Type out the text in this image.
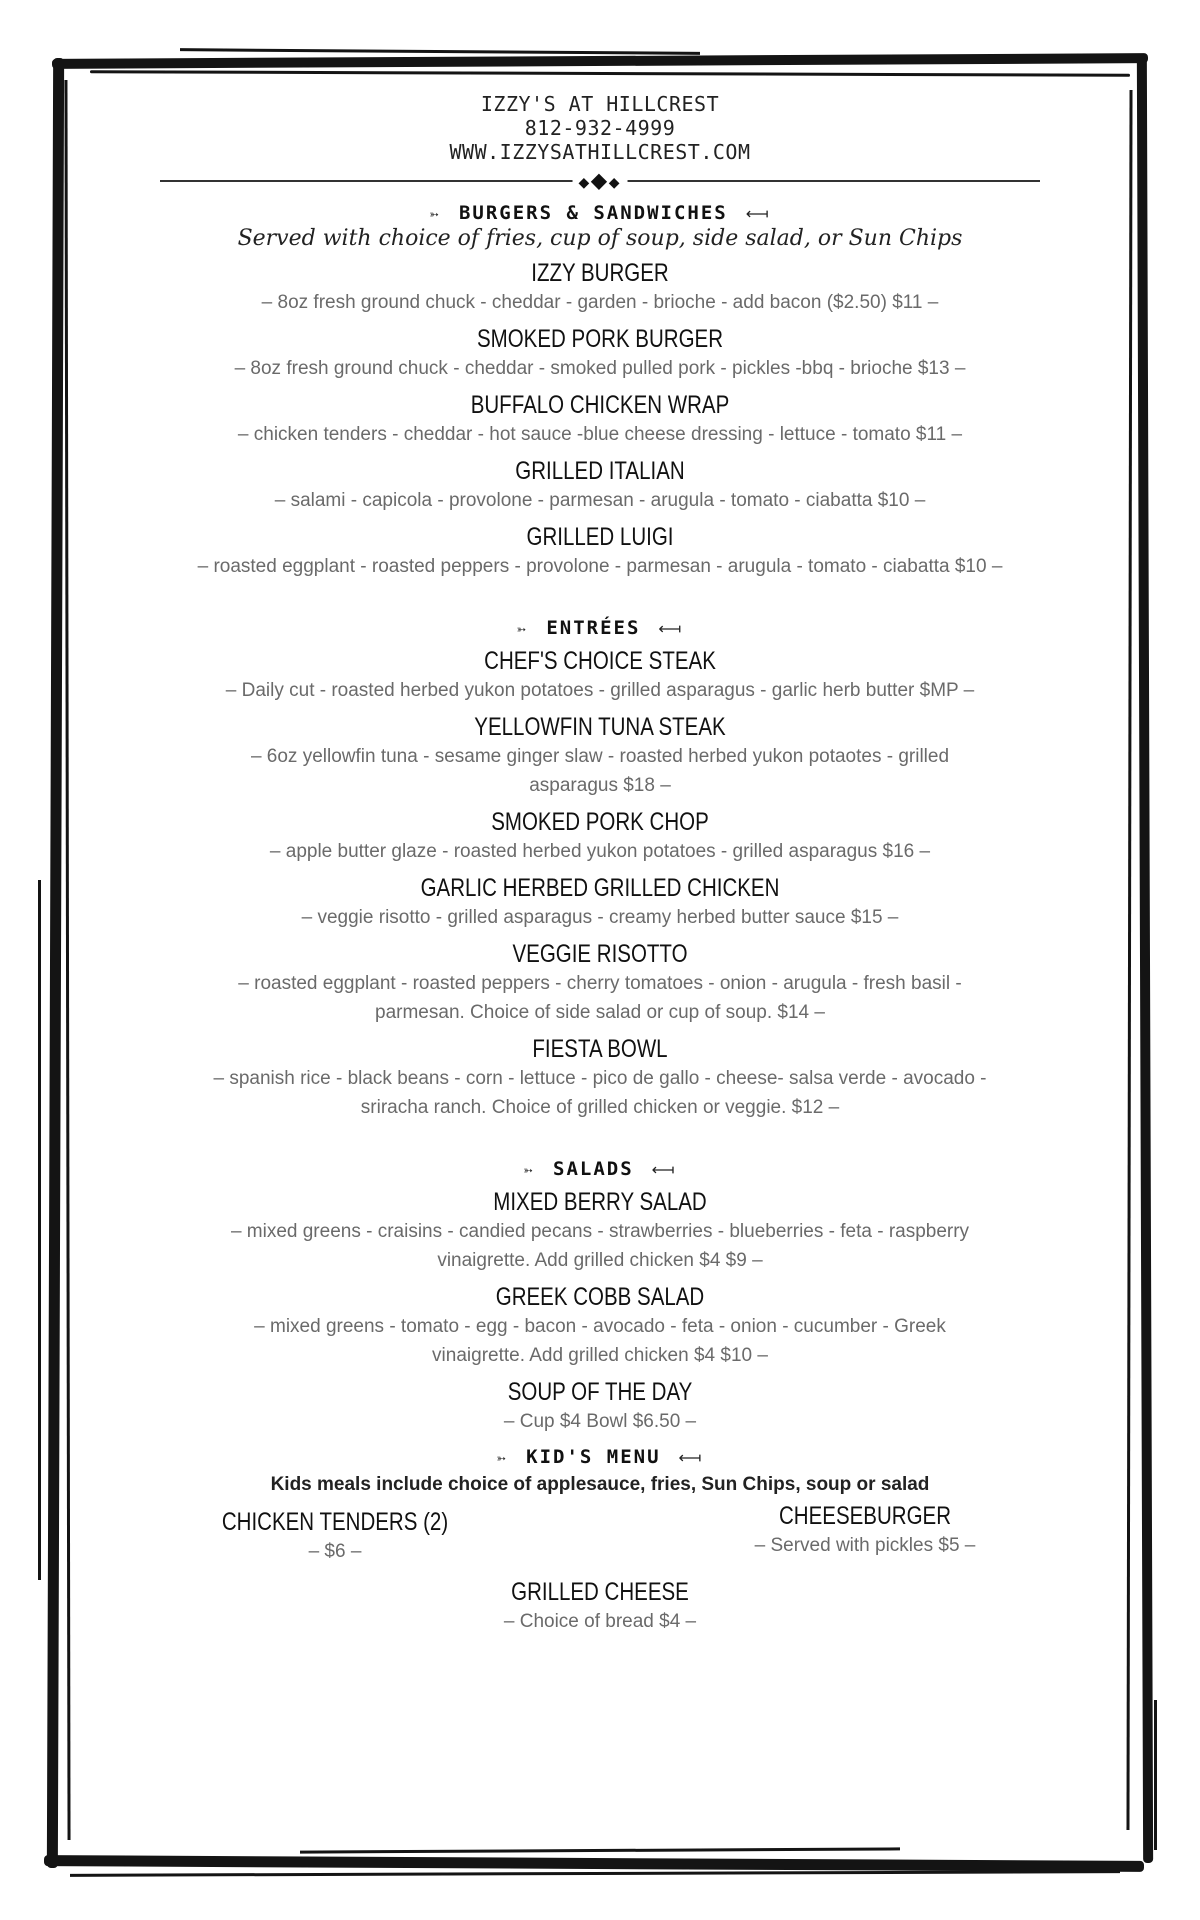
IZZY'S AT HILLCREST
812-932-4999
WWW.IZZYSATHILLCREST.COM
◆◆◆
➳ BURGERS & SANDWICHES ⟻
Served with choice of fries, cup of soup, side salad, or Sun Chips
IZZY BURGER
– 8oz fresh ground chuck - cheddar - garden - brioche - add bacon ($2.50) $11 –
SMOKED PORK BURGER
– 8oz fresh ground chuck - cheddar - smoked pulled pork - pickles -bbq - brioche $13 –
BUFFALO CHICKEN WRAP
– chicken tenders - cheddar - hot sauce -blue cheese dressing - lettuce - tomato $11 –
GRILLED ITALIAN
– salami - capicola - provolone - parmesan - arugula - tomato - ciabatta $10 –
GRILLED LUIGI
– roasted eggplant - roasted peppers - provolone - parmesan - arugula - tomato - ciabatta $10 –
➳ ENTRÉES ⟻
CHEF'S CHOICE STEAK
– Daily cut - roasted herbed yukon potatoes - grilled asparagus - garlic herb butter $MP –
YELLOWFIN TUNA STEAK
– 6oz yellowfin tuna - sesame ginger slaw - roasted herbed yukon potaotes - grilled asparagus $18 –
SMOKED PORK CHOP
– apple butter glaze - roasted herbed yukon potatoes - grilled asparagus $16 –
GARLIC HERBED GRILLED CHICKEN
– veggie risotto - grilled asparagus - creamy herbed butter sauce $15 –
VEGGIE RISOTTO
– roasted eggplant - roasted peppers - cherry tomatoes - onion - arugula - fresh basil - parmesan. Choice of side salad or cup of soup. $14 –
FIESTA BOWL
– spanish rice - black beans - corn - lettuce - pico de gallo - cheese- salsa verde - avocado - sriracha ranch. Choice of grilled chicken or veggie. $12 –
➳ SALADS ⟻
MIXED BERRY SALAD
– mixed greens - craisins - candied pecans - strawberries - blueberries - feta - raspberry vinaigrette. Add grilled chicken $4 $9 –
GREEK COBB SALAD
– mixed greens - tomato - egg - bacon - avocado - feta - onion - cucumber - Greek vinaigrette. Add grilled chicken $4 $10 –
SOUP OF THE DAY
– Cup $4 Bowl $6.50 –
➳ KID'S MENU ⟻
Kids meals include choice of applesauce, fries, Sun Chips, soup or salad
CHICKEN TENDERS (2)
– $6 –
CHEESEBURGER
– Served with pickles $5 –
GRILLED CHEESE
– Choice of bread $4 –
